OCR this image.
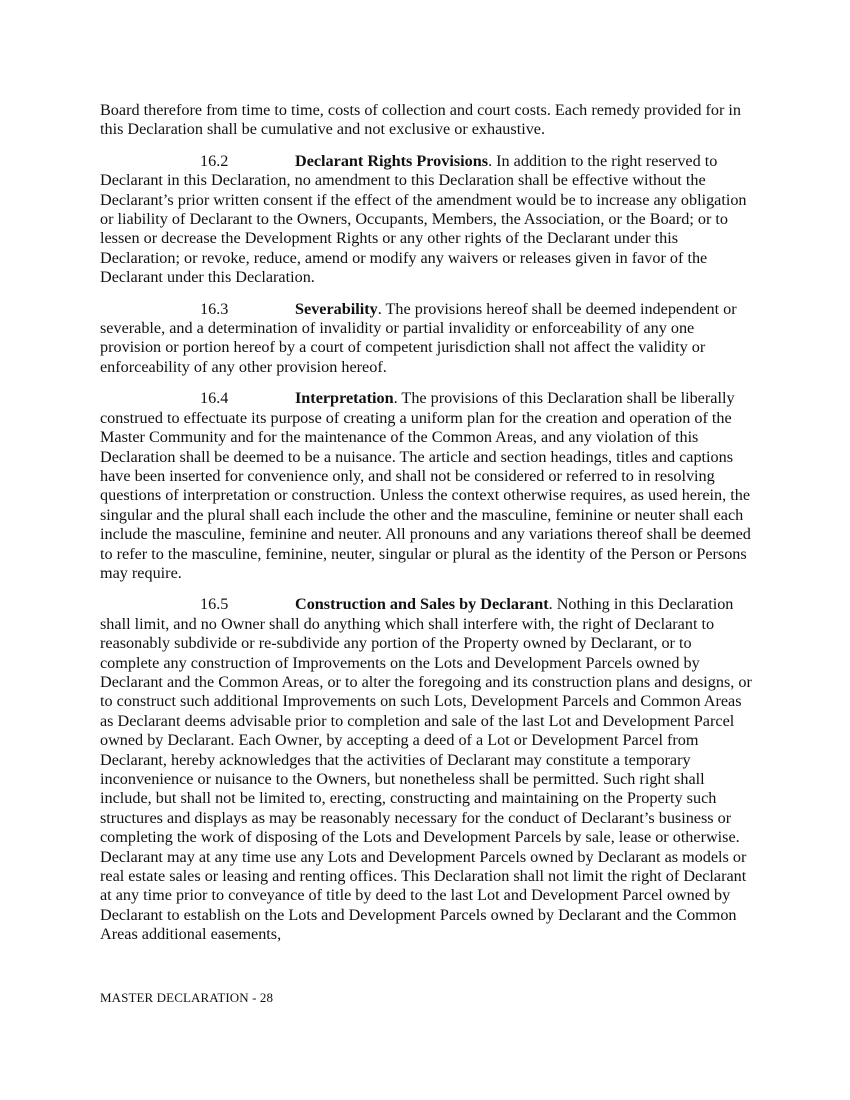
Board therefore from time to time, costs of collection and court costs. Each remedy provided for in this Declaration shall be cumulative and not exclusive or exhaustive.

16.2	Declarant Rights Provisions. In addition to the right reserved to Declarant in this Declaration, no amendment to this Declaration shall be effective without the Declarant’s prior written consent if the effect of the amendment would be to increase any obligation or liability of Declarant to the Owners, Occupants, Members, the Association, or the Board; or to lessen or decrease the Development Rights or any other rights of the Declarant under this Declaration; or revoke, reduce, amend or modify any waivers or releases given in favor of the Declarant under this Declaration.

16.3	Severability. The provisions hereof shall be deemed independent or severable, and a determination of invalidity or partial invalidity or enforceability of any one provision or portion hereof by a court of competent jurisdiction shall not affect the validity or enforceability of any other provision hereof.

16.4	Interpretation. The provisions of this Declaration shall be liberally construed to effectuate its purpose of creating a uniform plan for the creation and operation of the Master Community and for the maintenance of the Common Areas, and any violation of this Declaration shall be deemed to be a nuisance. The article and section headings, titles and captions have been inserted for convenience only, and shall not be considered or referred to in resolving questions of interpretation or construction. Unless the context otherwise requires, as used herein, the singular and the plural shall each include the other and the masculine, feminine or neuter shall each include the masculine, feminine and neuter. All pronouns and any variations thereof shall be deemed to refer to the masculine, feminine, neuter, singular or plural as the identity of the Person or Persons may require.

16.5	Construction and Sales by Declarant. Nothing in this Declaration shall limit, and no Owner shall do anything which shall interfere with, the right of Declarant to reasonably subdivide or re-subdivide any portion of the Property owned by Declarant, or to complete any construction of Improvements on the Lots and Development Parcels owned by Declarant and the Common Areas, or to alter the foregoing and its construction plans and designs, or to construct such additional Improvements on such Lots, Development Parcels and Common Areas as Declarant deems advisable prior to completion and sale of the last Lot and Development Parcel owned by Declarant. Each Owner, by accepting a deed of a Lot or Development Parcel from Declarant, hereby acknowledges that the activities of Declarant may constitute a temporary inconvenience or nuisance to the Owners, but nonetheless shall be permitted. Such right shall include, but shall not be limited to, erecting, constructing and maintaining on the Property such structures and displays as may be reasonably necessary for the conduct of Declarant’s business or completing the work of disposing of the Lots and Development Parcels by sale, lease or otherwise. Declarant may at any time use any Lots and Development Parcels owned by Declarant as models or real estate sales or leasing and renting offices. This Declaration shall not limit the right of Declarant at any time prior to conveyance of title by deed to the last Lot and Development Parcel owned by Declarant to establish on the Lots and Development Parcels owned by Declarant and the Common Areas additional easements,

MASTER DECLARATION - 28
